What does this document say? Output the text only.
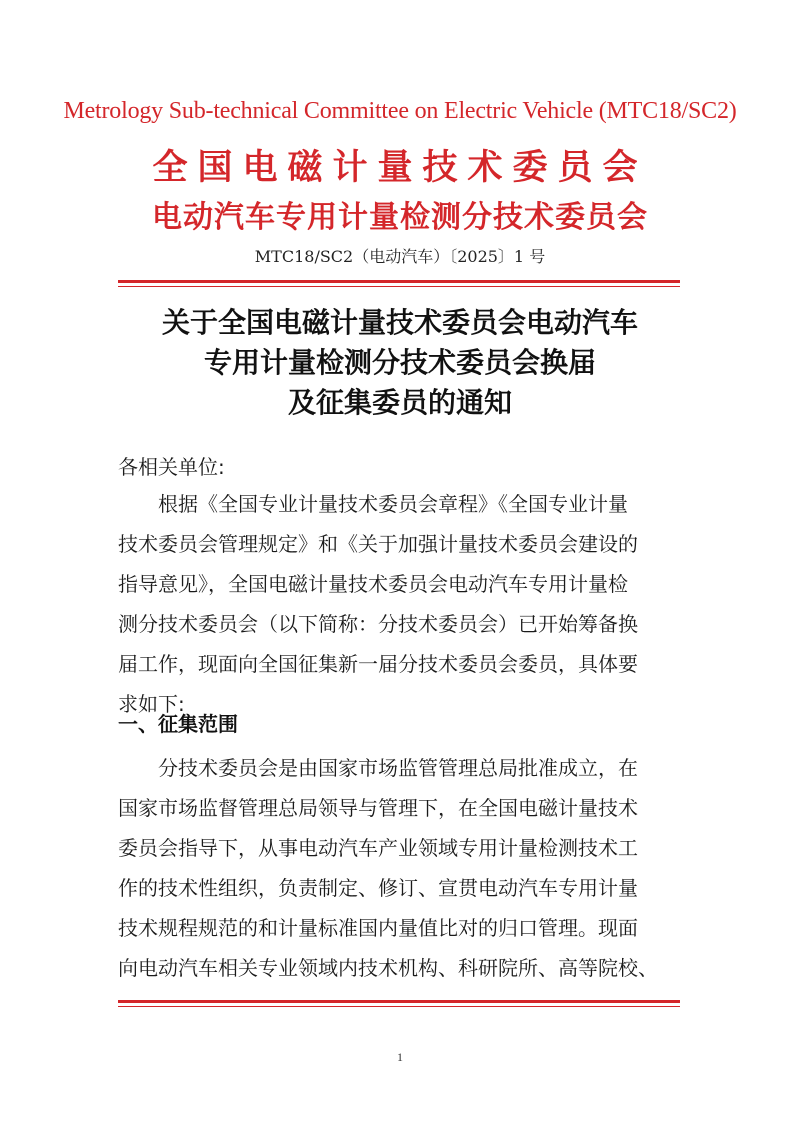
Metrology Sub-technical Committee on Electric Vehicle (MTC18/SC2)
全国电磁计量技术委员会
电动汽车专用计量检测分技术委员会
MTC18/SC2（电动汽车）〔2025〕1 号
关于全国电磁计量技术委员会电动汽车
专用计量检测分技术委员会换届
及征集委员的通知
各相关单位:
根据《全国专业计量技术委员会章程》《全国专业计量
技术委员会管理规定》和《关于加强计量技术委员会建设的
指导意见》，全国电磁计量技术委员会电动汽车专用计量检
测分技术委员会（以下简称：分技术委员会）已开始筹备换
届工作，现面向全国征集新一届分技术委员会委员，具体要
求如下:
一、征集范围
分技术委员会是由国家市场监管管理总局批准成立，在
国家市场监督管理总局领导与管理下，在全国电磁计量技术
委员会指导下，从事电动汽车产业领域专用计量检测技术工
作的技术性组织，负责制定、修订、宣贯电动汽车专用计量
技术规程规范的和计量标准国内量值比对的归口管理。现面
向电动汽车相关专业领域内技术机构、科研院所、高等院校、
1
